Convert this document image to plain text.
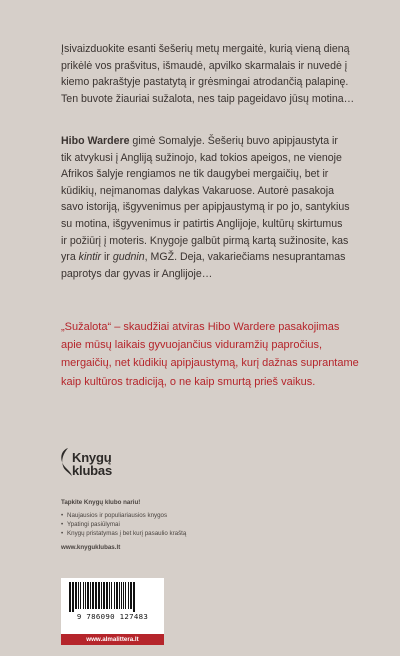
Įsivaizduokite esanti šešerių metų mergaitė, kurią vieną dieną

prikėlė vos prašvitus, išmaudė, apvilko skarmalais ir nuvedė į

kiemo pakraštyje pastatytą ir grėsmingai atrodančią palapinę.

Ten buvote žiauriai sužalota, nes taip pageidavo jūsų motina…

Hibo Wardere gimė Somalyje. Šešerių buvo apipjaustyta ir

tik atvykusi į Angliją sužinojo, kad tokios apeigos, ne vienoje

Afrikos šalyje rengiamos ne tik daugybei mergaičių, bet ir

kūdikių, neįmanomas dalykas Vakaruose. Autorė pasakoja

savo istoriją, išgyvenimus per apipjaustymą ir po jo, santykius

su motina, išgyvenimus ir patirtis Anglijoje, kultūrų skirtumus

ir požiūrį į moteris. Knygoje galbūt pirmą kartą sužinosite, kas

yra kintir ir gudnin, MGŽ. Deja, vakariečiams nesuprantamas

paprotys dar gyvas ir Anglijoje…

„Sužalota“ – skaudžiai atviras Hibo Wardere pasakojimas
apie mūsų laikais gyvuojančius viduramžių papročius,
mergaičių, net kūdikių apipjaustymą, kurį dažnas suprantame
kaip kultūros tradiciją, o ne kaip smurtą prieš vaikus.
Knygų
klubas
Tapkite Knygų klubo nariu!
• Naujausios ir populiariausios knygos
• Ypatingi pasiūlymai
• Knygų pristatymas į bet kurį pasaulio kraštą
www.knyguklubas.lt
9 786090 127483
www.almalittera.lt
